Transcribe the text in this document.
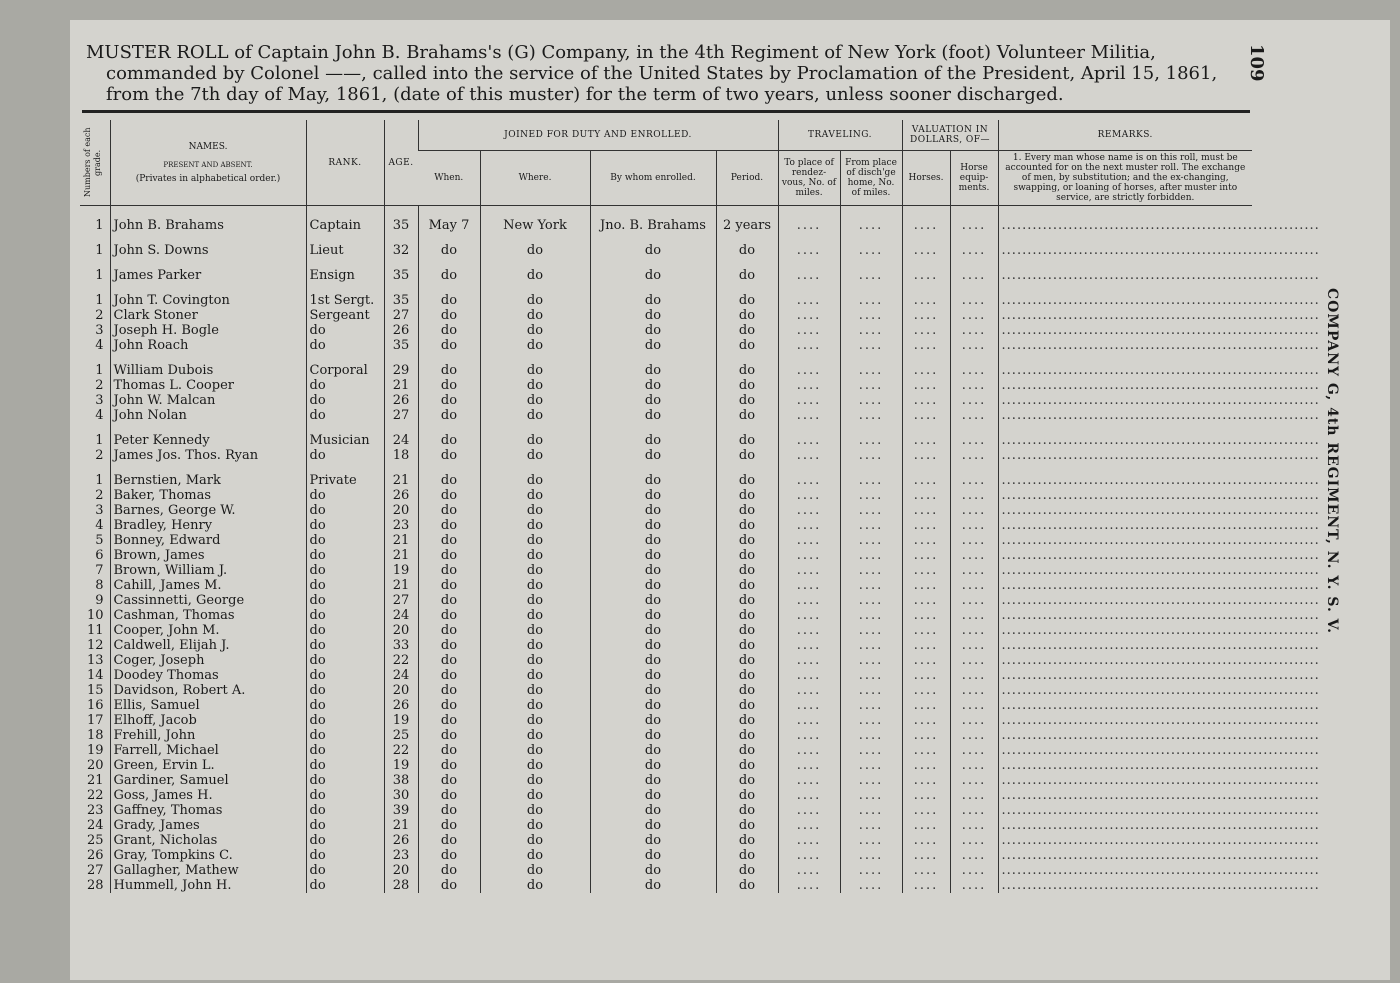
MUSTER ROLL of Captain John B. Brahams's (G) Company, in the 4th Regiment of New York (foot) Volunteer Militia,
commanded by Colonel ——, called into the service of the United States by Proclamation of the President, April 15, 1861,
from the 7th day of May, 1861, (date of this muster) for the term of two years, unless sooner discharged.
109
COMPANY G, 4th REGIMENT, N. Y. S. V.
Numbers of each grade.	NAMES.
PRESENT AND ABSENT.
(Privates in alphabetical order.)	RANK.	AGE.	JOINED FOR DUTY AND ENROLLED.				TRAVELING.		VALUATION IN DOLLARS, OF—		REMARKS.
				When.	Where.	By whom enrolled.	Period.	To place of rendez-vous, No. of miles.	From place of disch'ge home, No. of miles.	Horses.	Horse equip-ments.	1. Every man whose name is on this roll, must be accounted for on the next muster roll. The exchange of men, by substitution; and the ex-changing, swapping, or loaning of horses, after muster into service, are strictly forbidden.
1	John B. Brahams	Captain	35	May 7	New York	Jno. B. Brahams	2 years	....	....	....	....	..............................................................
1	John S. Downs	Lieut	32	do	do	do	do	....	....	....	....	..............................................................
1	James Parker	Ensign	35	do	do	do	do	....	....	....	....	..............................................................
1	John T. Covington	1st Sergt.	35	do	do	do	do	....	....	....	....	..............................................................
2	Clark Stoner	Sergeant	27	do	do	do	do	....	....	....	....	..............................................................
3	Joseph H. Bogle	do	26	do	do	do	do	....	....	....	....	..............................................................
4	John Roach	do	35	do	do	do	do	....	....	....	....	..............................................................
1	William Dubois	Corporal	29	do	do	do	do	....	....	....	....	..............................................................
2	Thomas L. Cooper	do	21	do	do	do	do	....	....	....	....	..............................................................
3	John W. Malcan	do	26	do	do	do	do	....	....	....	....	..............................................................
4	John Nolan	do	27	do	do	do	do	....	....	....	....	..............................................................
1	Peter Kennedy	Musician	24	do	do	do	do	....	....	....	....	..............................................................
2	James Jos. Thos. Ryan	do	18	do	do	do	do	....	....	....	....	..............................................................
1	Bernstien, Mark	Private	21	do	do	do	do	....	....	....	....	..............................................................
2	Baker, Thomas	do	26	do	do	do	do	....	....	....	....	..............................................................
3	Barnes, George W.	do	20	do	do	do	do	....	....	....	....	..............................................................
4	Bradley, Henry	do	23	do	do	do	do	....	....	....	....	..............................................................
5	Bonney, Edward	do	21	do	do	do	do	....	....	....	....	..............................................................
6	Brown, James	do	21	do	do	do	do	....	....	....	....	..............................................................
7	Brown, William J.	do	19	do	do	do	do	....	....	....	....	..............................................................
8	Cahill, James M.	do	21	do	do	do	do	....	....	....	....	..............................................................
9	Cassinnetti, George	do	27	do	do	do	do	....	....	....	....	..............................................................
10	Cashman, Thomas	do	24	do	do	do	do	....	....	....	....	..............................................................
11	Cooper, John M.	do	20	do	do	do	do	....	....	....	....	..............................................................
12	Caldwell, Elijah J.	do	33	do	do	do	do	....	....	....	....	..............................................................
13	Coger, Joseph	do	22	do	do	do	do	....	....	....	....	..............................................................
14	Doodey Thomas	do	24	do	do	do	do	....	....	....	....	..............................................................
15	Davidson, Robert A.	do	20	do	do	do	do	....	....	....	....	..............................................................
16	Ellis, Samuel	do	26	do	do	do	do	....	....	....	....	..............................................................
17	Elhoff, Jacob	do	19	do	do	do	do	....	....	....	....	..............................................................
18	Frehill, John	do	25	do	do	do	do	....	....	....	....	..............................................................
19	Farrell, Michael	do	22	do	do	do	do	....	....	....	....	..............................................................
20	Green, Ervin L.	do	19	do	do	do	do	....	....	....	....	..............................................................
21	Gardiner, Samuel	do	38	do	do	do	do	....	....	....	....	..............................................................
22	Goss, James H.	do	30	do	do	do	do	....	....	....	....	..............................................................
23	Gaffney, Thomas	do	39	do	do	do	do	....	....	....	....	..............................................................
24	Grady, James	do	21	do	do	do	do	....	....	....	....	..............................................................
25	Grant, Nicholas	do	26	do	do	do	do	....	....	....	....	..............................................................
26	Gray, Tompkins C.	do	23	do	do	do	do	....	....	....	....	..............................................................
27	Gallagher, Mathew	do	20	do	do	do	do	....	....	....	....	..............................................................
28	Hummell, John H.	do	28	do	do	do	do	....	....	....	....	..............................................................
